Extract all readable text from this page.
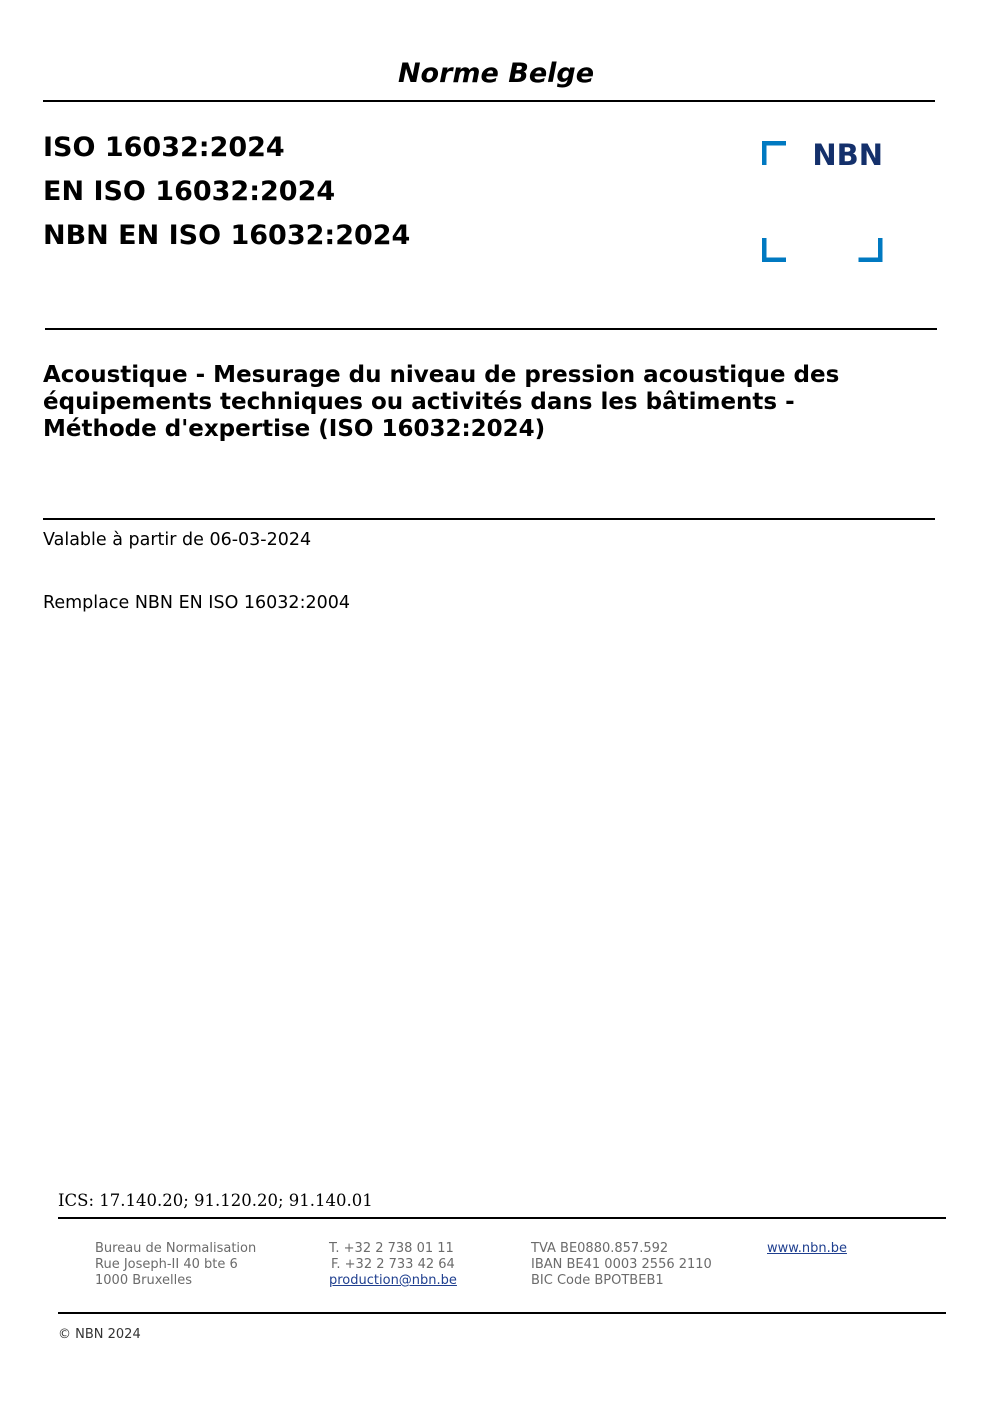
Norme Belge
ISO 16032:2024
EN ISO 16032:2024
NBN EN ISO 16032:2024
NBN
Acoustique - Mesurage du niveau de pression acoustique des
équipements techniques ou activités dans les bâtiments -
Méthode d'expertise (ISO 16032:2024)
Valable à partir de 06-03-2024
Remplace NBN EN ISO 16032:2004
ICS: 17.140.20; 91.120.20; 91.140.01
Bureau de Normalisation
Rue Joseph-II 40 bte 6
1000 Bruxelles
T. +32 2 738 01 11
F. +32 2 733 42 64
production@nbn.be
TVA BE0880.857.592
IBAN BE41 0003 2556 2110
BIC Code BPOTBEB1
www.nbn.be
© NBN 2024
